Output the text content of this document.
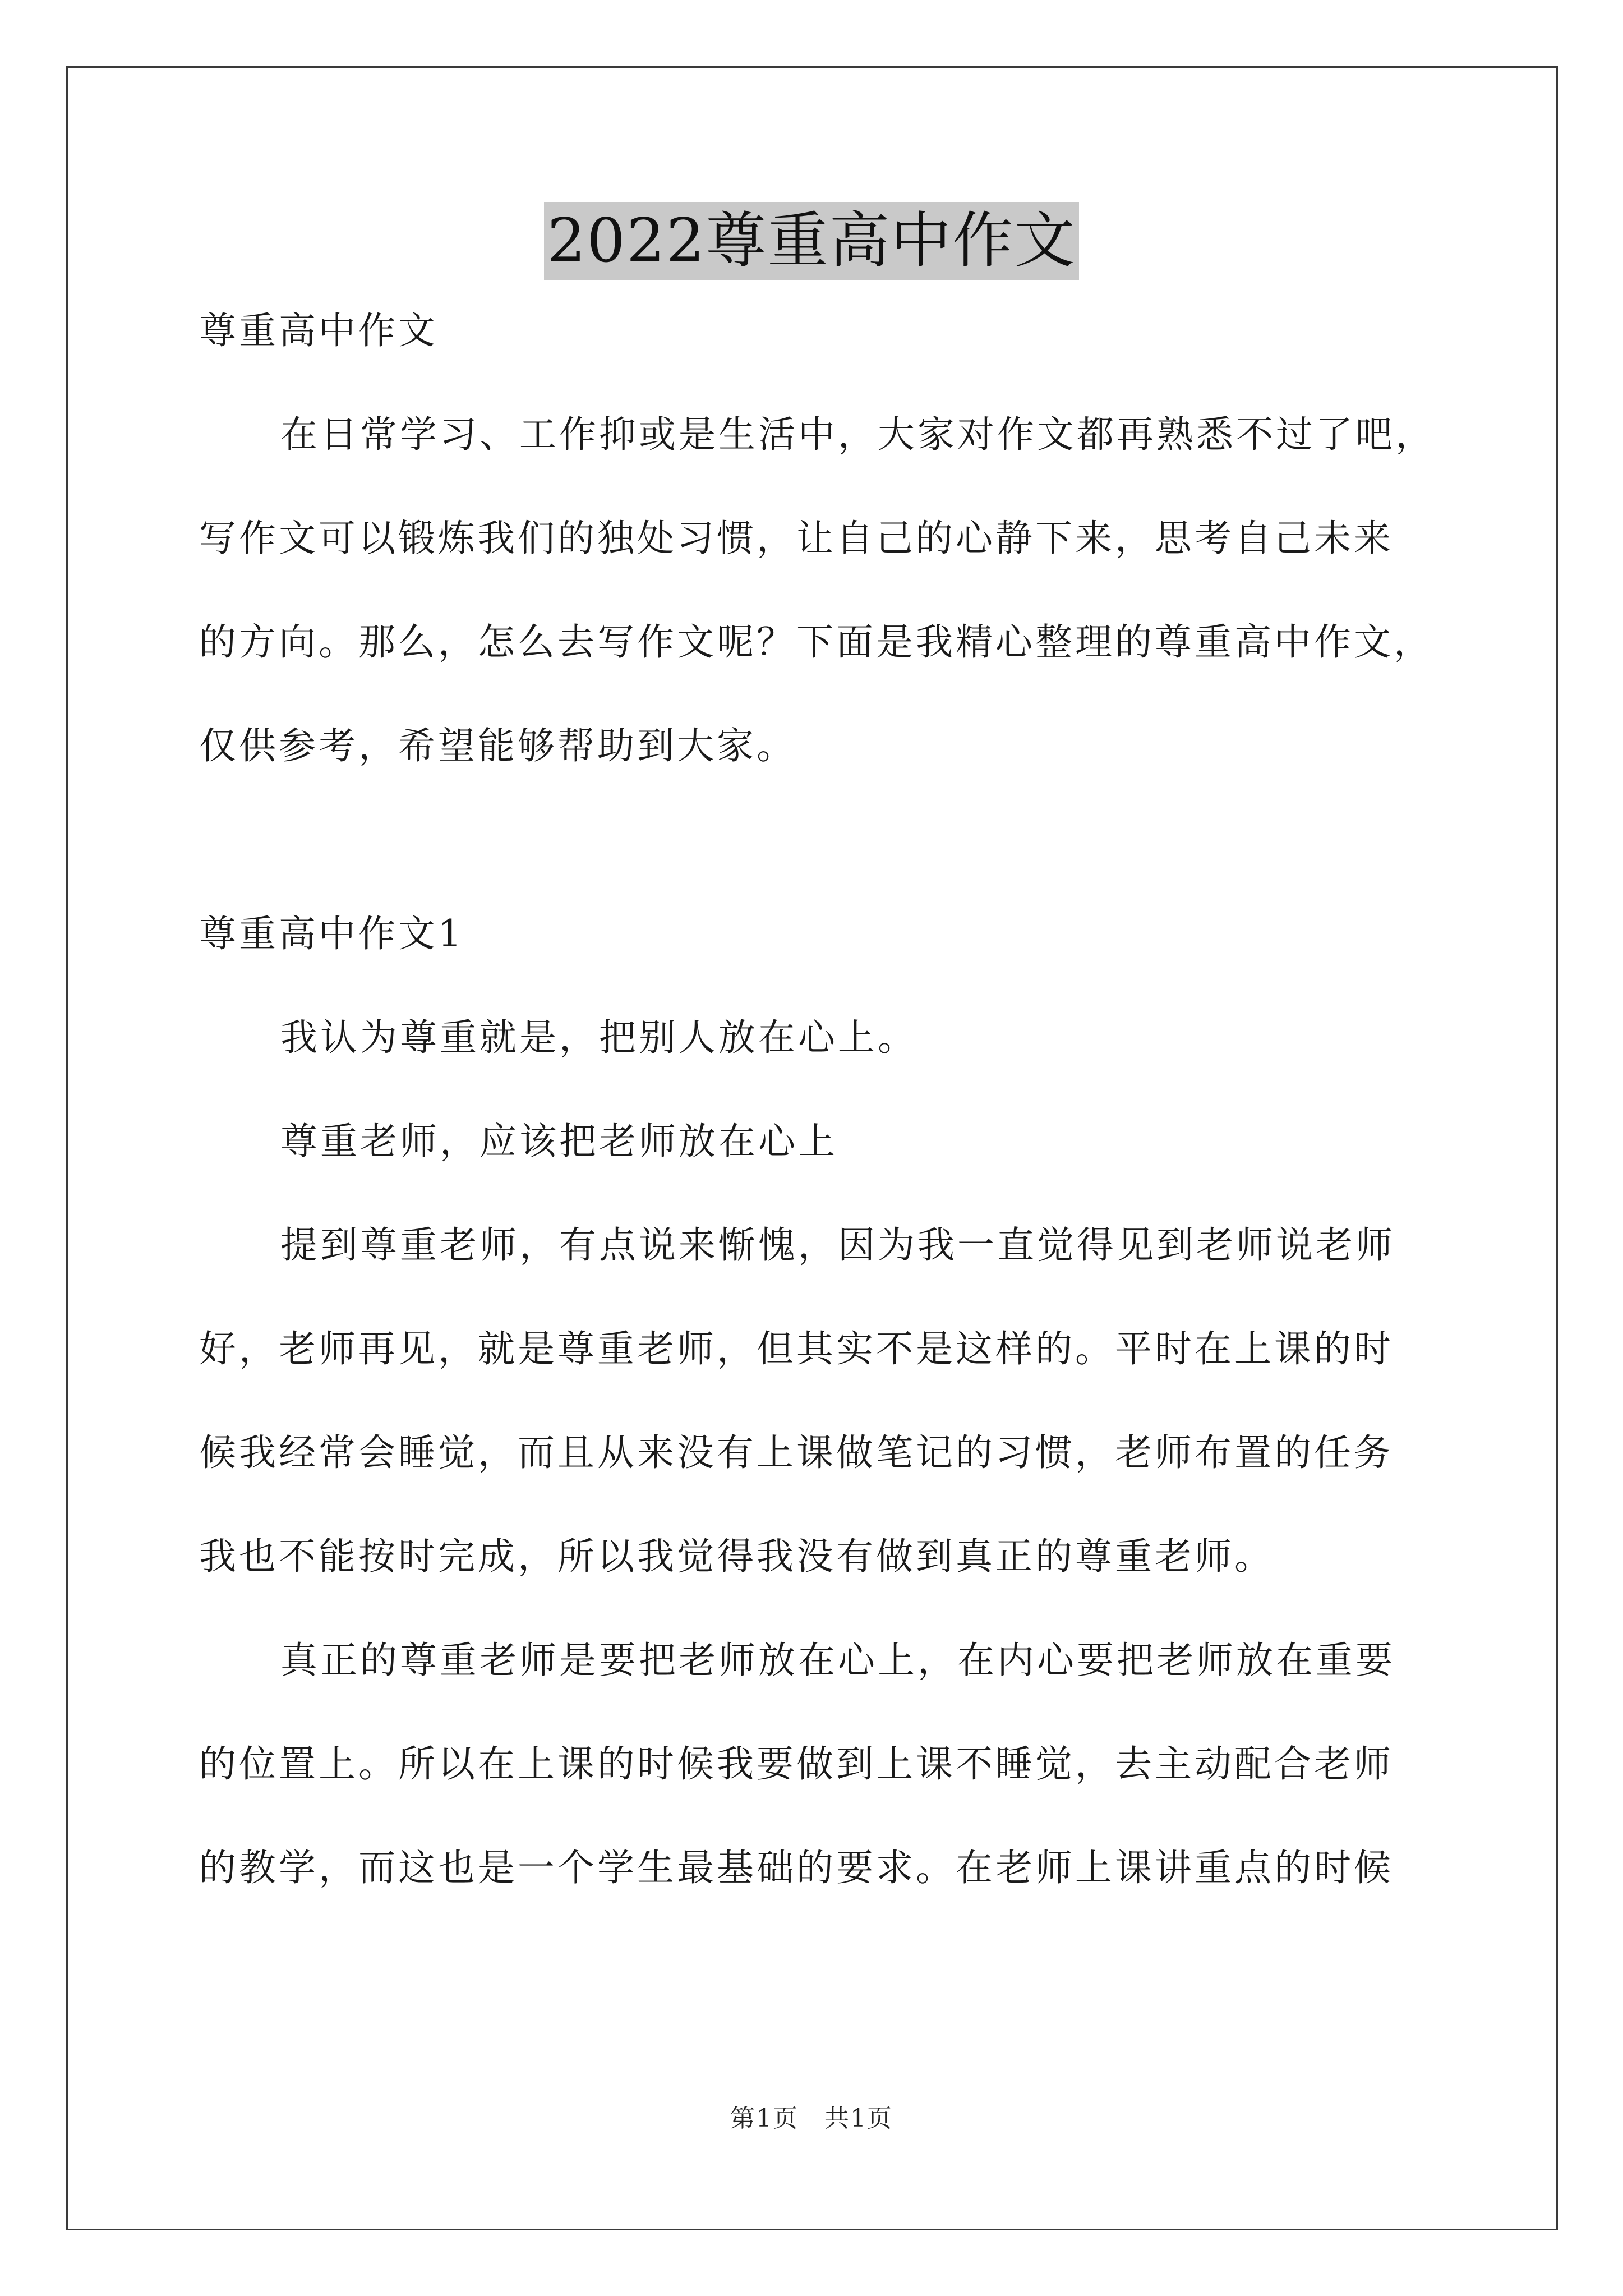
2022尊重高中作文
尊重高中作文
在日常学习、工作抑或是生活中，大家对作文都再熟悉不过了吧，
写作文可以锻炼我们的独处习惯，让自己的心静下来，思考自己未来
的方向。那么，怎么去写作文呢？下面是我精心整理的尊重高中作文，
仅供参考，希望能够帮助到大家。
尊重高中作文1
我认为尊重就是，把别人放在心上。
尊重老师，应该把老师放在心上
提到尊重老师，有点说来惭愧，因为我一直觉得见到老师说老师
好，老师再见，就是尊重老师，但其实不是这样的。平时在上课的时
候我经常会睡觉，而且从来没有上课做笔记的习惯，老师布置的任务
我也不能按时完成，所以我觉得我没有做到真正的尊重老师。
真正的尊重老师是要把老师放在心上，在内心要把老师放在重要
的位置上。所以在上课的时候我要做到上课不睡觉，去主动配合老师
的教学，而这也是一个学生最基础的要求。在老师上课讲重点的时候
第1页　共1页
